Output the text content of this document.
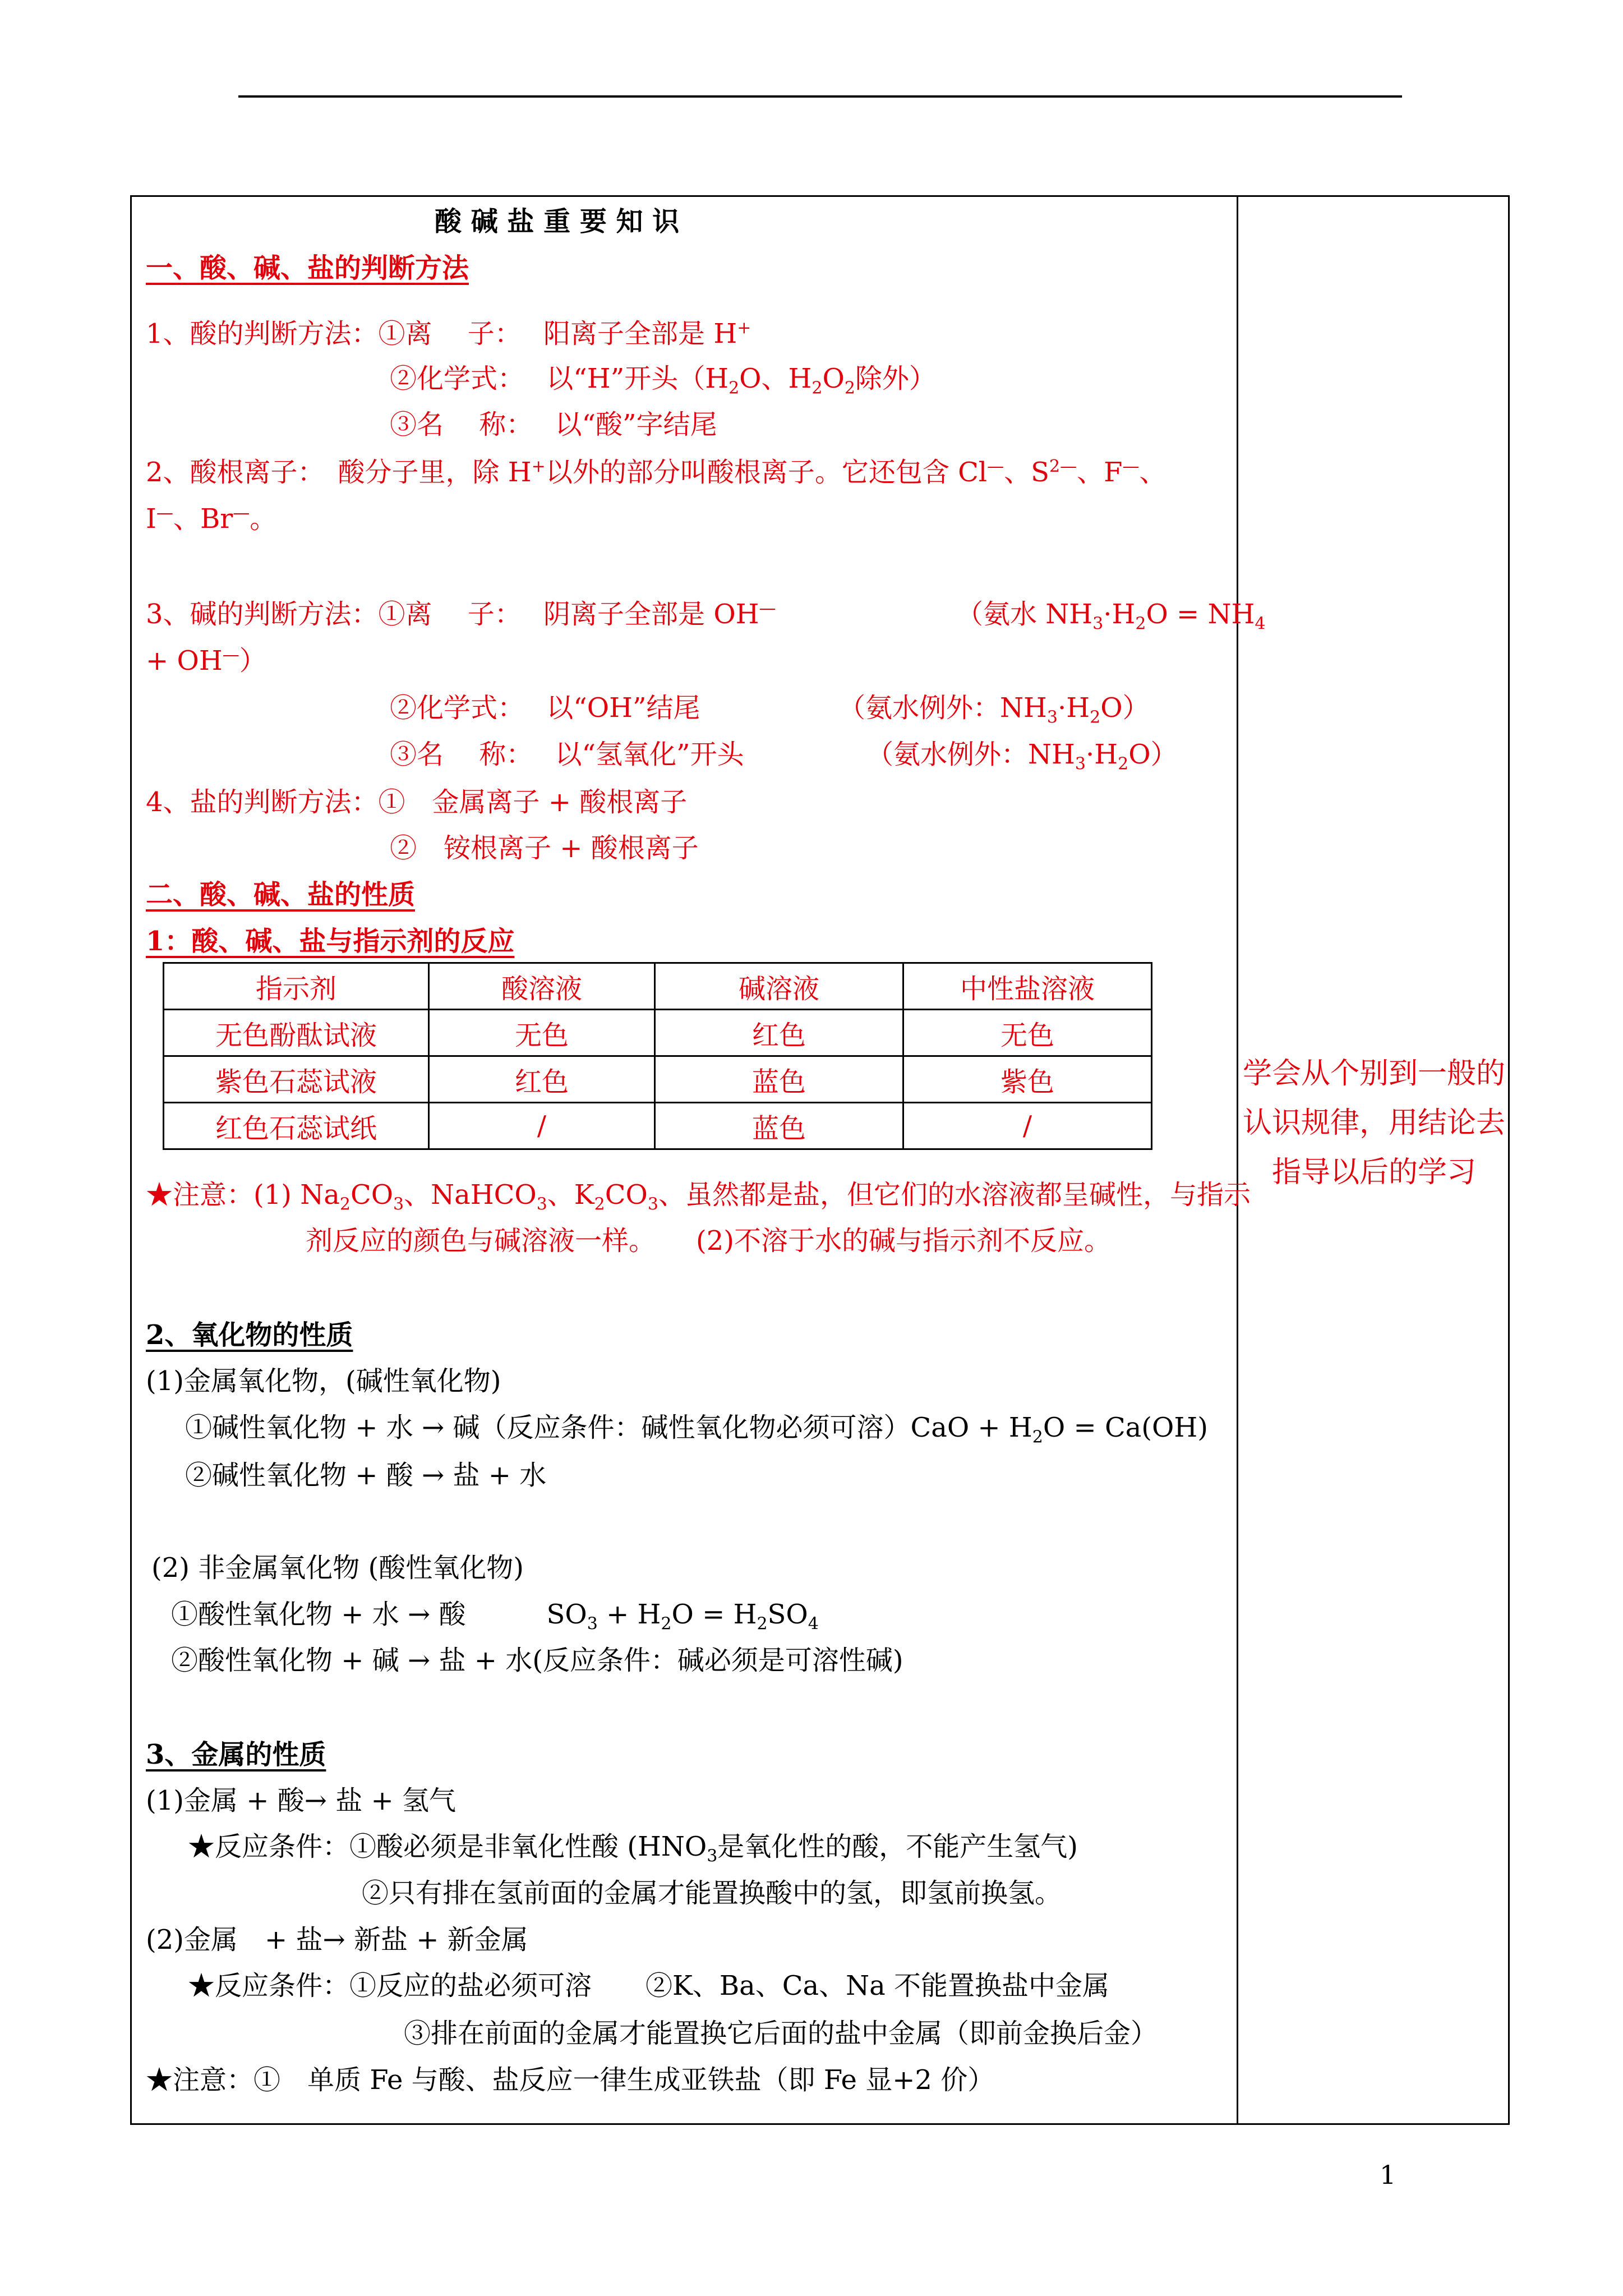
酸 碱 盐 重 要 知 识
一、酸、碱、盐的判断方法
1、酸的判断方法：①离　 子：　 阳离子全部是 H+
②化学式：　 以“H”开头（$H_2O$、$H_2O_2$除外）
③名　 称：　 以“酸”字结尾
2、酸根离子：　酸分子里，除 H+以外的部分叫酸根离子。它还包含 Cl—、$S^{2—}$、F—、
I—、Br—。
3、碱的判断方法：①离　 子：　 阴离子全部是 OH—	（氨水 $NH_3\cdot H_2O = NH_4$
+ OH—）
②化学式：　 以“OH”结尾	（氨水例外：$NH_3\cdot H_2O$）
③名　 称：　 以“氢氧化”开头	（氨水例外：$NH_3\cdot H_2O$）
4、盐的判断方法：①　金属离子 + 酸根离子
②　铵根离子 + 酸根离子
二、酸、碱、盐的性质
1：酸、碱、盐与指示剂的反应
指示剂	酸溶液	碱溶液	中性盐溶液
无色酚酞试液	无色	红色	无色
紫色石蕊试液	红色	蓝色	紫色
红色石蕊试纸	/	蓝色	/
★注意：(1) $Na_2CO_3$、NaHCO$_3$、$K_2CO_3$、虽然都是盐，但它们的水溶液都呈碱性，与指示
剂反应的颜色与碱溶液一样。　　(2)不溶于水的碱与指示剂不反应。
2、氧化物的性质
(1)金属氧化物，(碱性氧化物)
①碱性氧化物 + 水 → 碱（反应条件：碱性氧化物必须可溶）$CaO + H_2O = Ca(OH)$
②碱性氧化物 + 酸 → 盐 + 水
(2) 非金属氧化物 (酸性氧化物)
①酸性氧化物 + 水 → 酸　　　$SO_3 + H_2O = H_2SO_4$
②酸性氧化物 + 碱 → 盐 + 水(反应条件：碱必须是可溶性碱)
3、金属的性质
(1)金属 + 酸→ 盐 + 氢气
★反应条件：①酸必须是非氧化性酸 ($HNO_3$是氧化性的酸，不能产生氢气)
②只有排在氢前面的金属才能置换酸中的氢，即氢前换氢。
(2)金属　+ 盐→ 新盐 + 新金属
★反应条件：①反应的盐必须可溶　　②K、Ba、Ca、Na 不能置换盐中金属
③排在前面的金属才能置换它后面的盐中金属（即前金换后金）
★注意：①　单质 Fe 与酸、盐反应一律生成亚铁盐（即 Fe 显+2 价）
学会从个别到一般的认识规律，用结论去指导以后的学习
1
